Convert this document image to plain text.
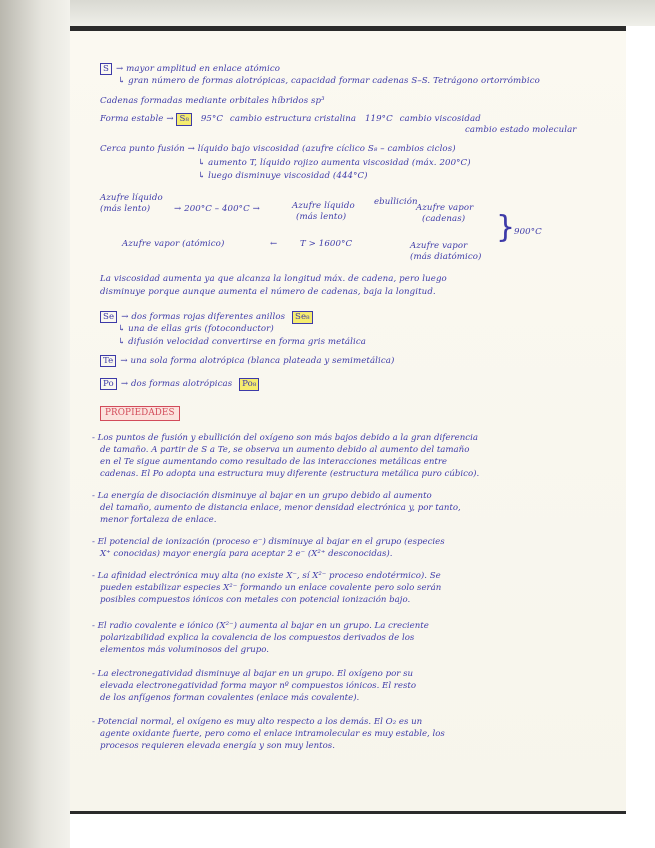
S → mayor amplitud en enlace atómico
↳ gran número de formas alotrópicas, capacidad formar cadenas S–S. Tetrágono ortorrómbico
Cadenas formadas mediante orbitales híbridos sp³
Forma estable → S₈ 95°C cambio estructura cristalina 119°C cambio viscosidad
cambio estado molecular
Cerca punto fusión → líquido bajo viscosidad (azufre cíclico S₈ – cambios ciclos)
↳ aumento T, líquido rojizo aumenta viscosidad (máx. 200°C)
↳ luego disminuye viscosidad (444°C)
Azufre líquido
(más lento)	→ 200°C – 400°C →	Azufre líquido
(más lento)
ebullición
Azufre vapor
(cadenas)
Azufre vapor (atómico)	←	T > 1600°C	Azufre vapor
(más diatómico)
}
900°C
La viscosidad aumenta ya que alcanza la longitud máx. de cadena, pero luego
disminuye porque aunque aumenta el número de cadenas, baja la longitud.
Se → dos formas rojas diferentes anillos Se₈
↳ una de ellas gris (fotoconductor)
↳ difusión velocidad convertirse en forma gris metálica
Te → una sola forma alotrópica (blanca plateada y semimetálica)
Po → dos formas alotrópicas Po₈
PROPIEDADES
- Los puntos de fusión y ebullición del oxígeno son más bajos debido a la gran diferencia
de tamaño. A partir de S a Te, se observa un aumento debido al aumento del tamaño
en el Te sigue aumentando como resultado de las interacciones metálicas entre
cadenas. El Po adopta una estructura muy diferente (estructura metálica puro cúbico).
- La energía de disociación disminuye al bajar en un grupo debido al aumento
del tamaño, aumento de distancia enlace, menor densidad electrónica y, por tanto,
menor fortaleza de enlace.
- El potencial de ionización (proceso e⁻) disminuye al bajar en el grupo (especies
X⁺ conocidas) mayor energía para aceptar 2 e⁻ (X²⁺ desconocidas).
- La afinidad electrónica muy alta (no existe X⁻, sí X²⁻ proceso endotérmico). Se
pueden estabilizar especies X²⁻ formando un enlace covalente pero solo serán
posibles compuestos iónicos con metales con potencial ionización bajo.
- El radio covalente e iónico (X²⁻) aumenta al bajar en un grupo. La creciente
polarizabilidad explica la covalencia de los compuestos derivados de los
elementos más voluminosos del grupo.
- La electronegatividad disminuye al bajar en un grupo. El oxígeno por su
elevada electronegatividad forma mayor nº compuestos iónicos. El resto
de los anfígenos forman covalentes (enlace más covalente).
- Potencial normal, el oxígeno es muy alto respecto a los demás. El O₂ es un
agente oxidante fuerte, pero como el enlace intramolecular es muy estable, los
procesos requieren elevada energía y son muy lentos.
